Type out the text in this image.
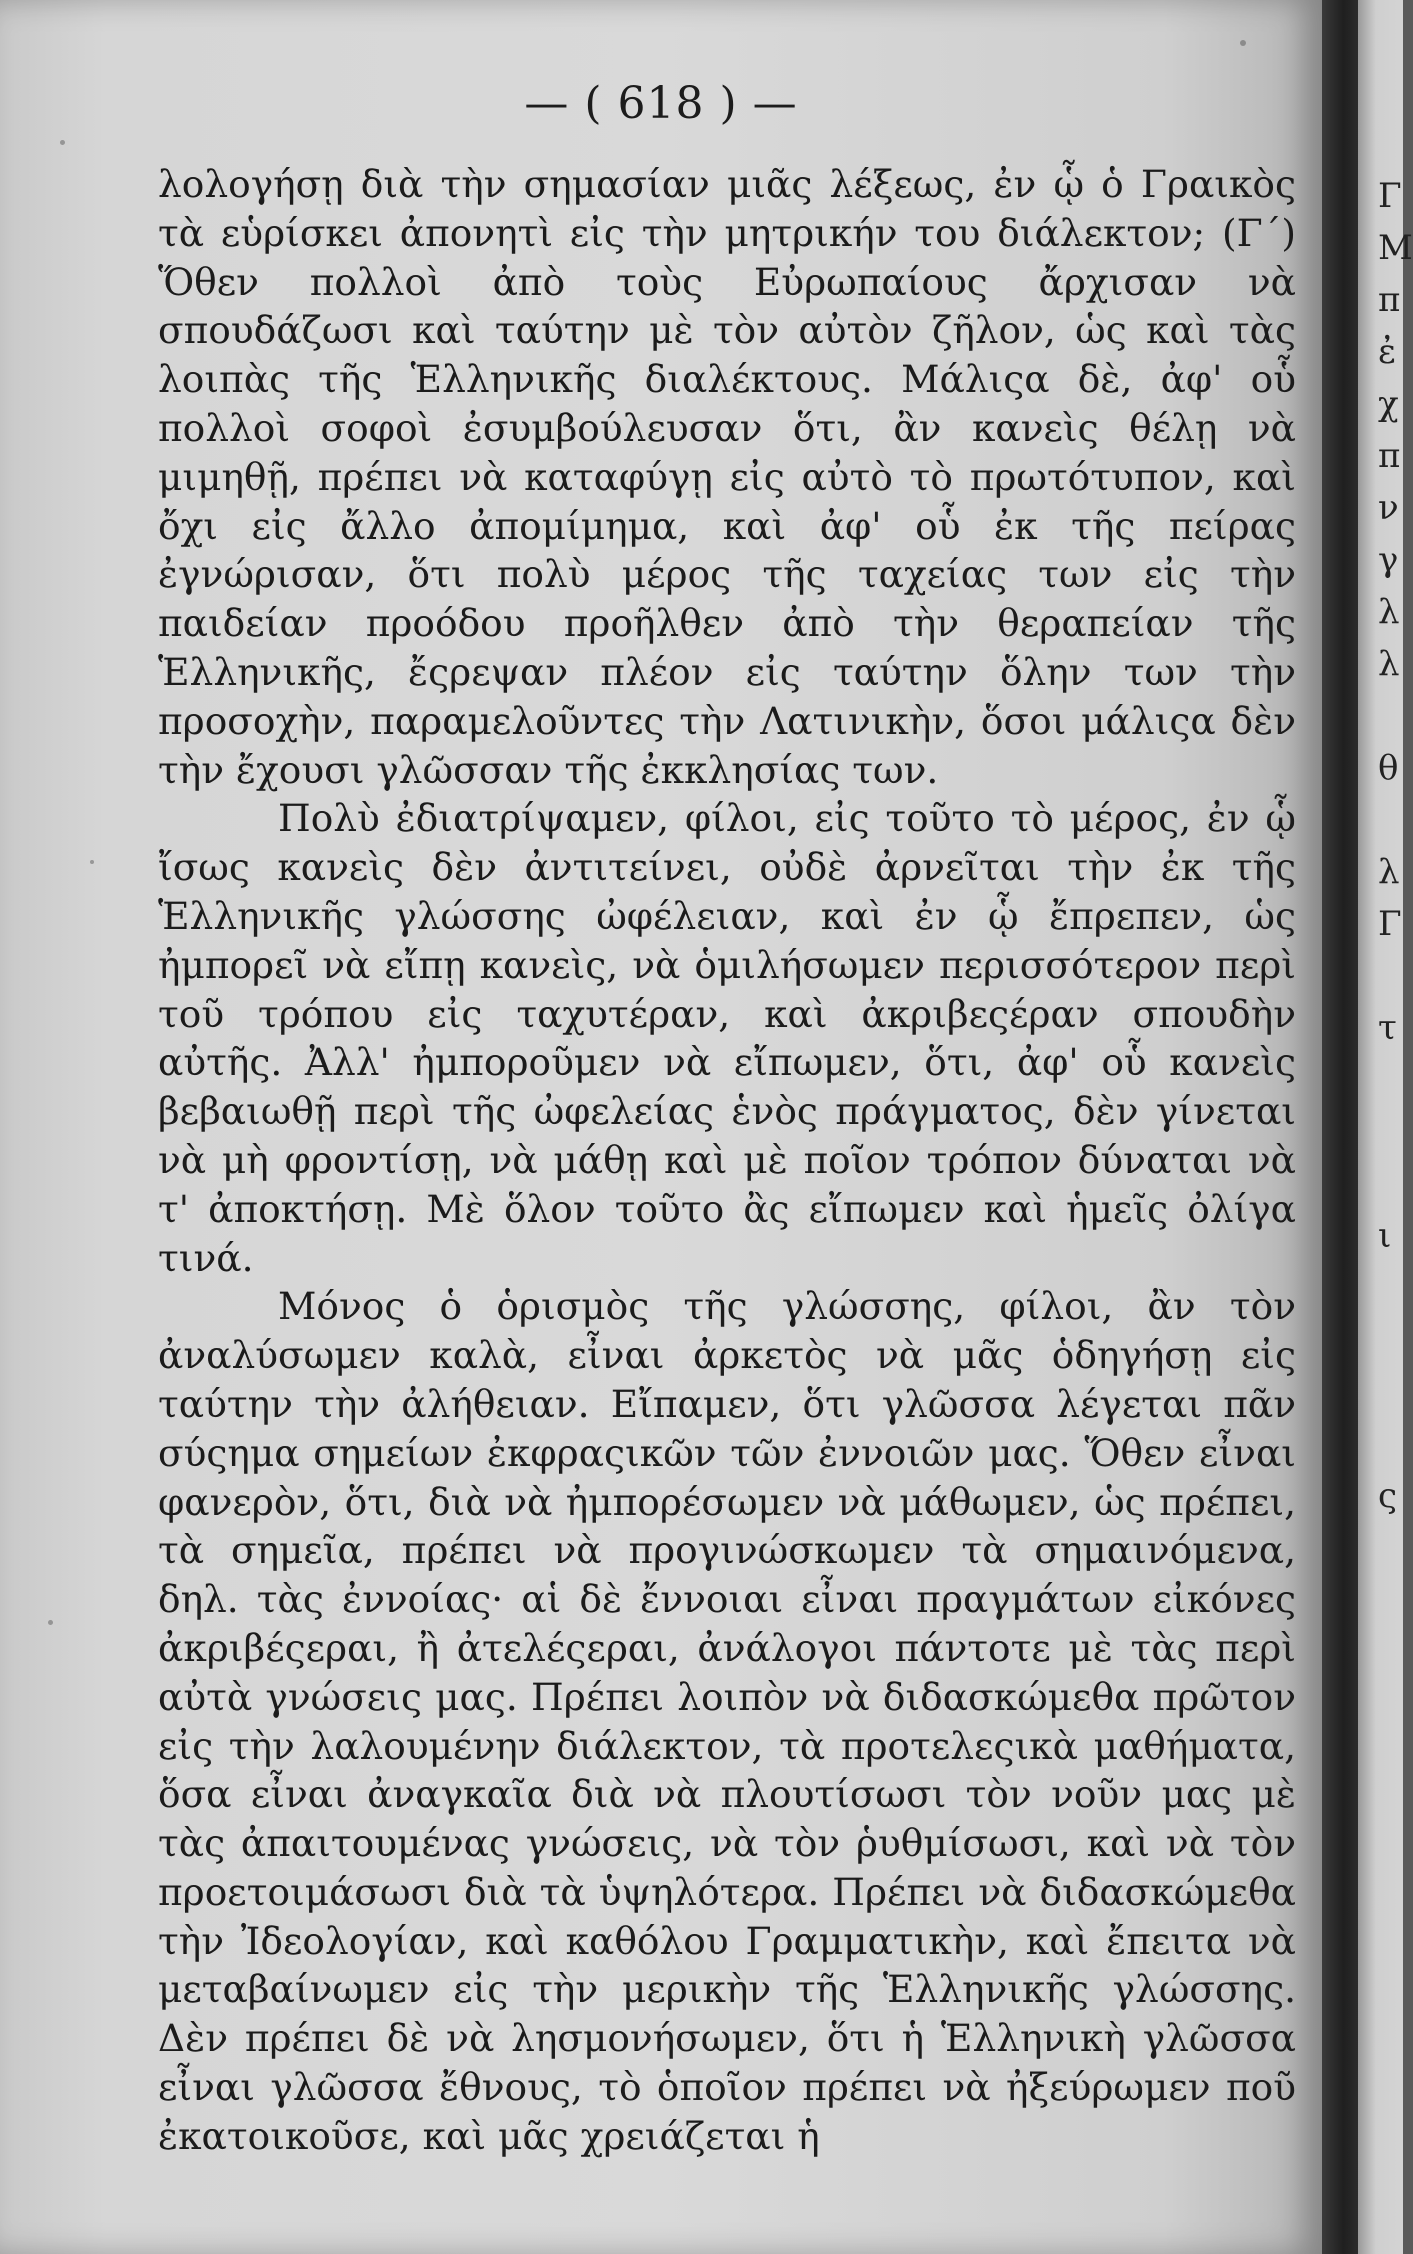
— ( 618 ) —

λολογήσῃ διὰ τὴν σημασίαν μιᾶς λέξεως, ἐν ᾧ ὁ Γραικὸς τὰ εὑρίσκει ἀπονητὶ εἰς τὴν μητρικήν του διάλεκτον; (Γ΄) Ὅθεν πολλοὶ ἀπὸ τοὺς Εὐρωπαίους ἄρχισαν νὰ σπουδάζωσι καὶ ταύτην μὲ τὸν αὐτὸν ζῆλον, ὡς καὶ τὰς λοιπὰς τῆς Ἑλληνικῆς διαλέκτους. Μάλιςα δὲ, ἀφ' οὗ πολλοὶ σοφοὶ ἐσυμβούλευσαν ὅτι, ἂν κανεὶς θέλῃ νὰ μιμηθῇ, πρέπει νὰ καταφύγῃ εἰς αὐτὸ τὸ πρωτότυπον, καὶ ὄχι εἰς ἄλλο ἀπομίμημα, καὶ ἀφ' οὗ ἐκ τῆς πείρας ἐγνώρισαν, ὅτι πολὺ μέρος τῆς ταχείας των εἰς τὴν παιδείαν προόδου προῆλθεν ἀπὸ τὴν θεραπείαν τῆς Ἑλληνικῆς, ἔςρεψαν πλέον εἰς ταύτην ὅλην των τὴν προσοχὴν, παραμελοῦντες τὴν Λατινικὴν, ὅσοι μάλιςα δὲν τὴν ἔχουσι γλῶσσαν τῆς ἐκκλησίας των.

Πολὺ ἐδιατρίψαμεν, φίλοι, εἰς τοῦτο τὸ μέρος, ἐν ᾧ ἴσως κανεὶς δὲν ἀντιτείνει, οὐδὲ ἀρνεῖται τὴν ἐκ τῆς Ἑλληνικῆς γλώσσης ὠφέλειαν, καὶ ἐν ᾧ ἔπρεπεν, ὡς ἠμπορεῖ νὰ εἴπῃ κανεὶς, νὰ ὁμιλήσωμεν περισσότερον περὶ τοῦ τρόπου εἰς ταχυτέραν, καὶ ἀκριβεςέραν σπουδὴν αὐτῆς. Ἀλλ' ἠμποροῦμεν νὰ εἴπωμεν, ὅτι, ἀφ' οὗ κανεὶς βεβαιωθῇ περὶ τῆς ὠφελείας ἑνὸς πράγματος, δὲν γίνεται νὰ μὴ φροντίσῃ, νὰ μάθῃ καὶ μὲ ποῖον τρόπον δύναται νὰ τ' ἀποκτήσῃ. Μὲ ὅλον τοῦτο ἂς εἴπωμεν καὶ ἡμεῖς ὀλίγα τινά.

Μόνος ὁ ὁρισμὸς τῆς γλώσσης, φίλοι, ἂν τὸν ἀναλύσωμεν καλὰ, εἶναι ἀρκετὸς νὰ μᾶς ὁδηγήσῃ εἰς ταύτην τὴν ἀλήθειαν. Εἴπαμεν, ὅτι γλῶσσα λέγεται πᾶν σύςημα σημείων ἐκφραςικῶν τῶν ἐννοιῶν μας. Ὅθεν εἶναι φανερὸν, ὅτι, διὰ νὰ ἠμπορέσωμεν νὰ μάθωμεν, ὡς πρέπει, τὰ σημεῖα, πρέπει νὰ προγινώσκωμεν τὰ σημαινόμενα, δηλ. τὰς ἐννοίας· αἱ δὲ ἔννοιαι εἶναι πραγμάτων εἰκόνες ἀκριβέςεραι, ἢ ἀτελέςεραι, ἀνάλογοι πάντοτε μὲ τὰς περὶ αὐτὰ γνώσεις μας. Πρέπει λοιπὸν νὰ διδασκώμεθα πρῶτον εἰς τὴν λαλουμένην διάλεκτον, τὰ προτελεςικὰ μαθήματα, ὅσα εἶναι ἀναγκαῖα διὰ νὰ πλουτίσωσι τὸν νοῦν μας μὲ τὰς ἀπαιτουμένας γνώσεις, νὰ τὸν ῥυθμίσωσι, καὶ νὰ τὸν προετοιμάσωσι διὰ τὰ ὑψηλότερα. Πρέπει νὰ διδασκώμεθα τὴν Ἰδεολογίαν, καὶ καθόλου Γραμματικὴν, καὶ ἔπειτα νὰ μεταβαίνωμεν εἰς τὴν μερικὴν τῆς Ἑλληνικῆς γλώσσης. Δὲν πρέπει δὲ νὰ λησμονήσωμεν, ὅτι ἡ Ἑλληνικὴ γλῶσσα εἶναι γλῶσσα ἔθνους, τὸ ὁποῖον πρέπει νὰ ἠξεύρωμεν ποῦ ἐκατοικοῦσε, καὶ μᾶς χρειάζεται ἡ

Γ
Μ
π
ἐ
χ
π
ν
γ
λ
λ

θ

λ
Γ

τ

ι

ς
